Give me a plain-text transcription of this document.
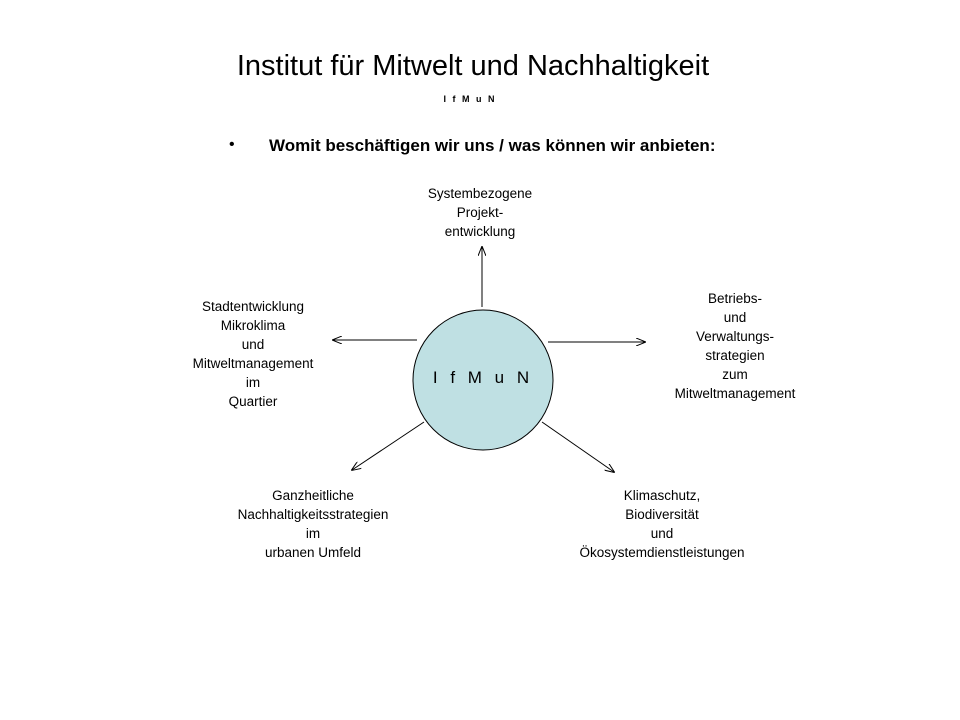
Institut für Mitwelt und Nachhaltigkeit
I f M u N
• Womit beschäftigen wir uns / was können wir anbieten:
I f M u N
Systembezogene
Projekt-
entwicklung
Stadtentwicklung
Mikroklima
und
Mitweltmanagement
im
Quartier
Betriebs-
und
Verwaltungs-
strategien
zum
Mitweltmanagement
Ganzheitliche
Nachhaltigkeitsstrategien
im
urbanen Umfeld
Klimaschutz,
Biodiversität
und
Ökosystemdienstleistungen
